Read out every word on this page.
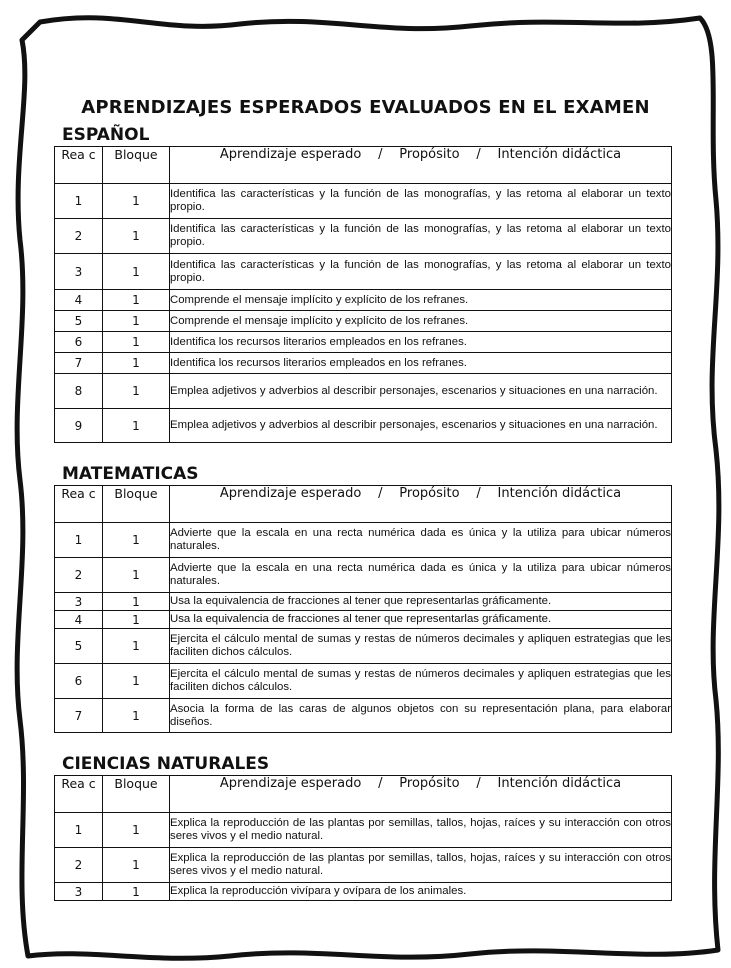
APRENDIZAJES ESPERADOS EVALUADOS EN EL EXAMEN
ESPAÑOL
Rea c	Bloque	Aprendizaje esperado / Propósito / Intención didáctica
1	1	Identifica las características y la función de las monografías, y las retoma al elaborar un texto propio.
2	1	Identifica las características y la función de las monografías, y las retoma al elaborar un texto propio.
3	1	Identifica las características y la función de las monografías, y las retoma al elaborar un texto propio.
4	1	Comprende el mensaje implícito y explícito de los refranes.
5	1	Comprende el mensaje implícito y explícito de los refranes.
6	1	Identifica los recursos literarios empleados en los refranes.
7	1	Identifica los recursos literarios empleados en los refranes.
8	1	Emplea adjetivos y adverbios al describir personajes, escenarios y situaciones en una narración.
9	1	Emplea adjetivos y adverbios al describir personajes, escenarios y situaciones en una narración.
MATEMATICAS
Rea c	Bloque	Aprendizaje esperado / Propósito / Intención didáctica
1	1	Advierte que la escala en una recta numérica dada es única y la utiliza para ubicar números naturales.
2	1	Advierte que la escala en una recta numérica dada es única y la utiliza para ubicar números naturales.
3	1	Usa la equivalencia de fracciones al tener que representarlas gráficamente.
4	1	Usa la equivalencia de fracciones al tener que representarlas gráficamente.
5	1	Ejercita el cálculo mental de sumas y restas de números decimales y apliquen estrategias que les faciliten dichos cálculos.
6	1	Ejercita el cálculo mental de sumas y restas de números decimales y apliquen estrategias que les faciliten dichos cálculos.
7	1	Asocia la forma de las caras de algunos objetos con su representación plana, para elaborar diseños.
CIENCIAS NATURALES
Rea c	Bloque	Aprendizaje esperado / Propósito / Intención didáctica
1	1	Explica la reproducción de las plantas por semillas, tallos, hojas, raíces y su interacción con otros seres vivos y el medio natural.
2	1	Explica la reproducción de las plantas por semillas, tallos, hojas, raíces y su interacción con otros seres vivos y el medio natural.
3	1	Explica la reproducción vivípara y ovípara de los animales.
